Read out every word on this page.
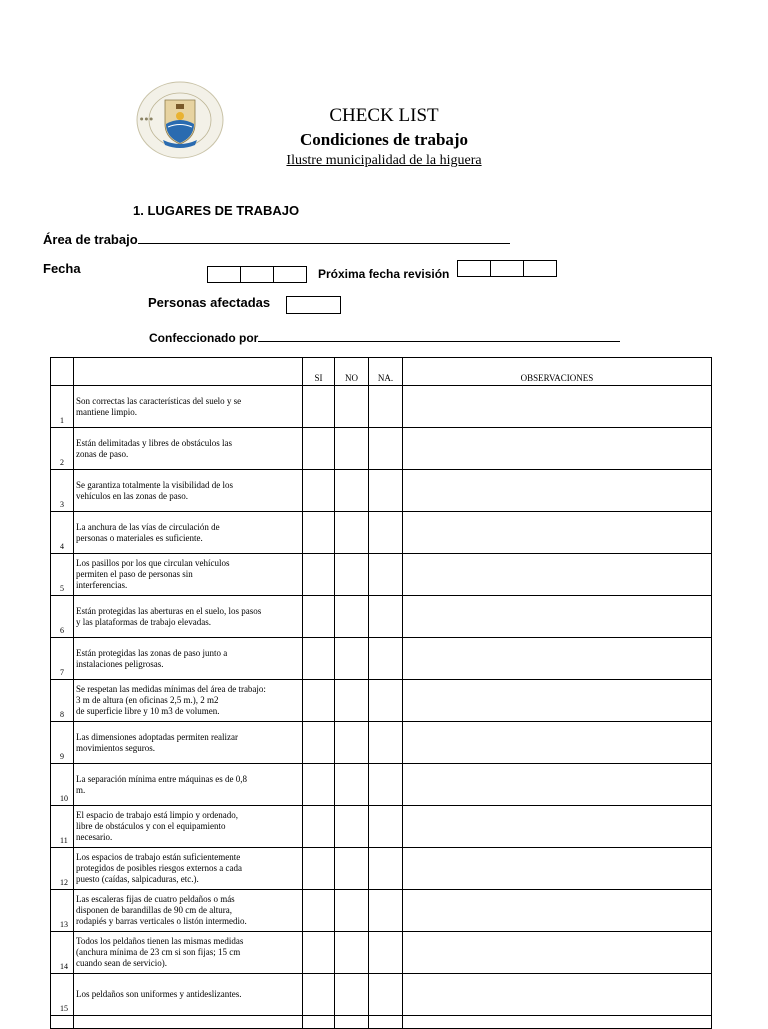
● ● ●	CHECK LIST
Condiciones de trabajo
Ilustre municipalidad de la higuera
1. LUGARES DE TRABAJO
Área de trabajo
Fecha	Próxima fecha revisión
Personas afectadas
Confeccionado por
		SI	NO	NA.	OBSERVACIONES
1	Son correctas las características del suelo y se
mantiene limpio.				

2	Están delimitadas y libres de obstáculos las
zonas de paso.				

3	Se garantiza totalmente la visibilidad de los
vehículos en las zonas de paso.				

4	La anchura de las vías de circulación de
personas o materiales es suficiente.				

5	Los pasillos por los que circulan vehículos
permiten el paso de personas sin
interferencias.				

6	Están protegidas las aberturas en el suelo, los pasos
y las plataformas de trabajo elevadas.				

7	Están protegidas las zonas de paso junto a
instalaciones peligrosas.				

8	Se respetan las medidas mínimas del área de trabajo:
3 m de altura (en oficinas 2,5 m.), 2 m2
de superficie libre y 10 m3 de volumen.				

9	Las dimensiones adoptadas permiten realizar
movimientos seguros.				

10	La separación mínima entre máquinas es de 0,8
m.				

11	El espacio de trabajo está limpio y ordenado,
libre de obstáculos y con el equipamiento
necesario.				

12	Los espacios de trabajo están suficientemente
protegidos de posibles riesgos externos a cada
puesto (caídas, salpicaduras, etc.).				

13	Las escaleras fijas de cuatro peldaños o más
disponen de barandillas de 90 cm de altura,
rodapiés y barras verticales o listón intermedio.				

14	Todos los peldaños tienen las mismas medidas
(anchura mínima de 23 cm si son fijas; 15 cm
cuando sean de servicio).				

15	Los peldaños son uniformes y antideslizantes.				
